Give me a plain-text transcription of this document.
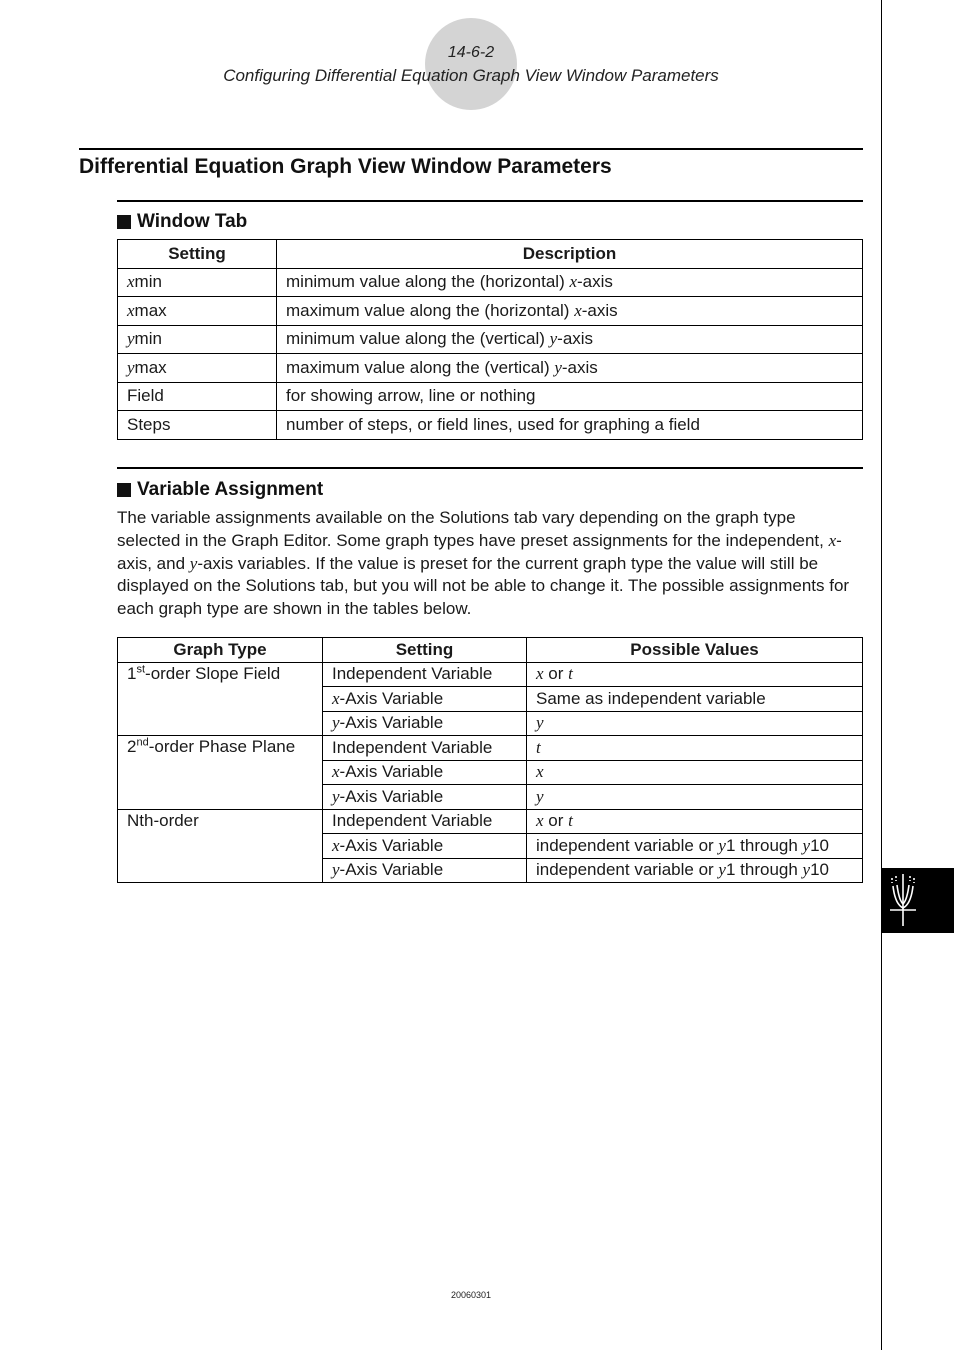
14-6-2
Configuring Differential Equation Graph View Window Parameters
Differential Equation Graph View Window Parameters
Window Tab
Setting	Description
xmin	minimum value along the (horizontal) x-axis
xmax	maximum value along the (horizontal) x-axis
ymin	minimum value along the (vertical) y-axis
ymax	maximum value along the (vertical) y-axis
Field	for showing arrow, line or nothing
Steps	number of steps, or field lines, used for graphing a field
Variable Assignment

The variable assignments available on the Solutions tab vary depending on the graph type selected in the Graph Editor. Some graph types have preset assignments for the independent, x-axis, and y-axis variables. If the value is preset for the current graph type the value will still be displayed on the Solutions tab, but you will not be able to change it. The possible assignments for each graph type are shown in the tables below.

Graph Type	Setting	Possible Values
1st-order Slope Field	Independent Variable	x or t
	x-Axis Variable	Same as independent variable
	y-Axis Variable	y
2nd-order Phase Plane	Independent Variable	t
	x-Axis Variable	x
	y-Axis Variable	y
Nth-order	Independent Variable	x or t
	x-Axis Variable	independent variable or y1 through y10
	y-Axis Variable	independent variable or y1 through y10
20060301
